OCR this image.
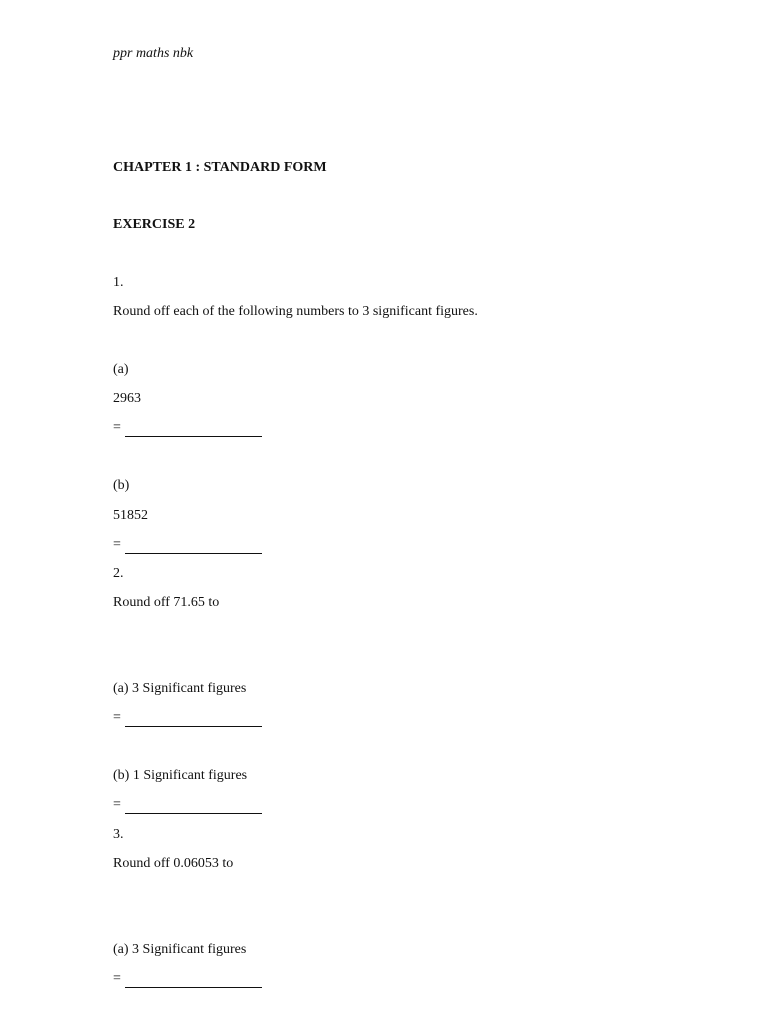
ppr maths nbk

CHAPTER 1 : STANDARD FORM

EXERCISE 2

1.

Round off each of the following numbers to 3 significant figures.

(a)

2963

=

(b)

51852

=

2.

Round off 71.65 to

(a) 3 Significant figures

=

(b) 1 Significant figures

=

3.

Round off 0.06053 to

(a) 3 Significant figures

=
